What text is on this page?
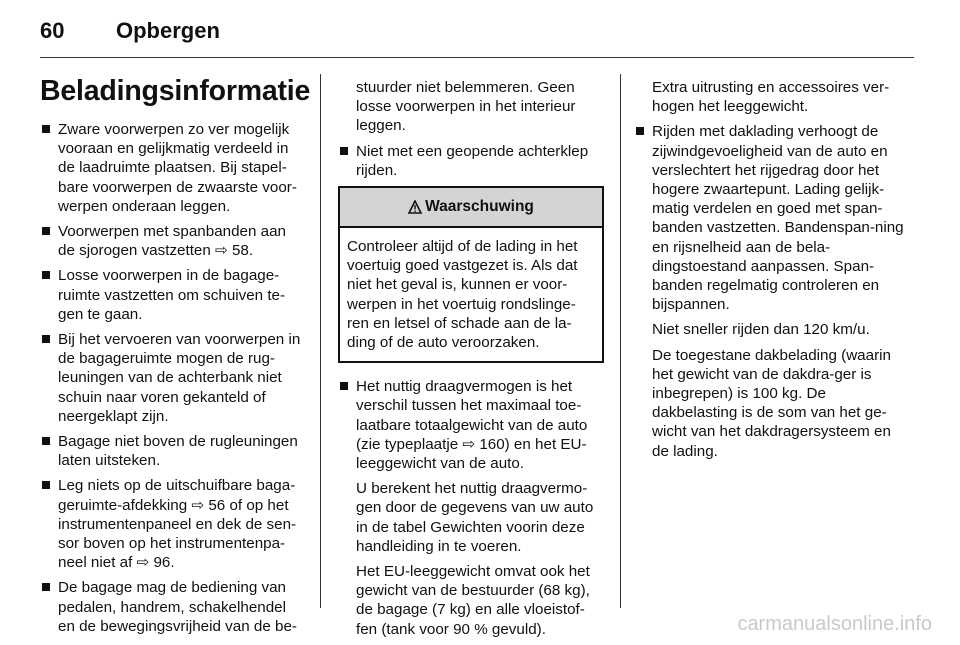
60 Opbergen
Beladingsinformatie
Zware voorwerpen zo ver mogelijk vooraan en gelijkmatig verdeeld in de laadruimte plaatsen. Bij stapel-bare voorwerpen de zwaarste voor-werpen onderaan leggen.
Voorwerpen met spanbanden aan de sjorogen vastzetten ⇨ 58.
Losse voorwerpen in de bagage-ruimte vastzetten om schuiven te-gen te gaan.
Bij het vervoeren van voorwerpen in de bagageruimte mogen de rug-leuningen van de achterbank niet schuin naar voren gekanteld of neergeklapt zijn.
Bagage niet boven de rugleuningen laten uitsteken.
Leg niets op de uitschuifbare baga-geruimte-afdekking ⇨ 56 of op het instrumentenpaneel en dek de sen-sor boven op het instrumentenpa-neel niet af ⇨ 96.
De bagage mag de bediening van pedalen, handrem, schakelhendel en de bewegingsvrijheid van de be-
stuurder niet belemmeren. Geen losse voorwerpen in het interieur leggen.
Niet met een geopende achterklep rijden.
Waarschuwing
Controleer altijd of de lading in het voertuig goed vastgezet is. Als dat niet het geval is, kunnen er voor-werpen in het voertuig rondslinge-ren en letsel of schade aan de la-ding of de auto veroorzaken.
Het nuttig draagvermogen is het verschil tussen het maximaal toe-laatbare totaalgewicht van de auto (zie typeplaatje ⇨ 160) en het EU-leeggewicht van de auto.
U berekent het nuttig draagvermo-gen door de gegevens van uw auto in de tabel Gewichten voorin deze handleiding in te voeren.
Het EU-leeggewicht omvat ook het gewicht van de bestuurder (68 kg), de bagage (7 kg) en alle vloeistof-fen (tank voor 90 % gevuld).
Extra uitrusting en accessoires ver-hogen het leeggewicht.
Rijden met daklading verhoogt de zijwindgevoeligheid van de auto en verslechtert het rijgedrag door het hogere zwaartepunt. Lading gelijk-matig verdelen en goed met span-banden vastzetten. Bandenspan-ning en rijsnelheid aan de bela-dingstoestand aanpassen. Span-banden regelmatig controleren en bijspannen.
Niet sneller rijden dan 120 km/u.
De toegestane dakbelading (waarin het gewicht van de dakdra-ger is inbegrepen) is 100 kg. De dakbelasting is de som van het ge-wicht van het dakdragersysteem en de lading.
carmanualsonline.info
